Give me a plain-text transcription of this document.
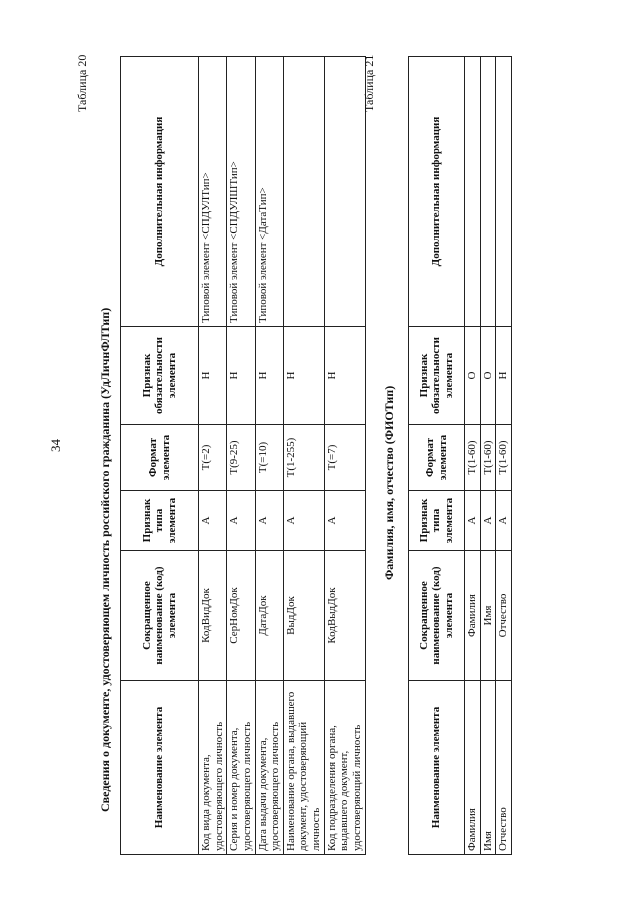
34
Таблица 20
Сведения о документе, удостоверяющем личность российского гражданина (УдЛичнФЛТип)	Наименование элемента	Сокращенное наименование (код) элемента	Признак типа элемента	Формат элемента	Признак обязательности элемента	Дополнительная информация
Код вида документа, удостоверяющего личность	КодВидДок	А	Т(=2)	Н	Типовой элемент <СПДУЛТип>
Серия и номер документа, удостоверяющего личность	СерНомДок	А	Т(9-25)	Н	Типовой элемент <СПДУЛШТип>
Дата выдачи документа, удостоверяющего личность	ДатаДок	А	Т(=10)	Н	Типовой элемент <ДатаТип>
Наименование органа, выдавшего документ, удостоверяющий личность	ВыдДок	А	Т(1-255)	Н	
Код подразделения органа, выдавшего документ, удостоверяющий личность	КодВыдДок	А	Т(=7)	Н	
Таблица 21
Фамилия, имя, отчество (ФИОТип)
Наименование элемента	Сокращенное наименование (код) элемента	Признак типа элемента	Формат элемента	Признак обязательности элемента	Дополнительная информация
Фамилия	Фамилия	А	Т(1-60)	О	
Имя	Имя	А	Т(1-60)	О	
Отчество	Отчество	А	Т(1-60)	Н	
